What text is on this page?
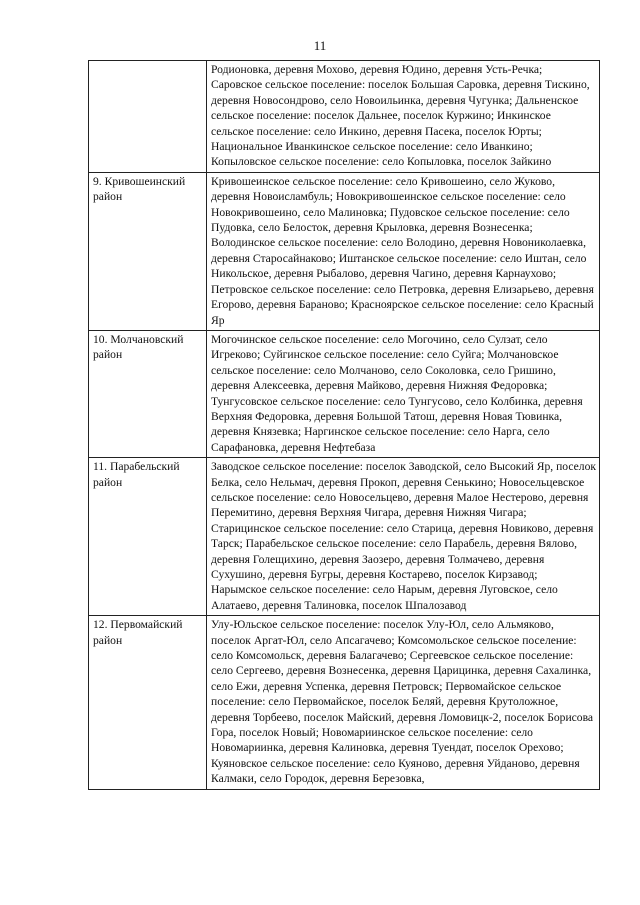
11
	Родионовка, деревня Мохово, деревня Юдино, деревня Усть-Речка; Саровское сельское поселение: поселок Большая Саровка, деревня Тискино, деревня Новосондрово, село Новоильинка, деревня Чугунка; Дальненское сельское поселение: поселок Дальнее, поселок Куржино; Инкинское сельское поселение: село Инкино, деревня Пасека, поселок Юрты; Национальное Иванкинское сельское поселение: село Иванкино; Копыловское сельское поселение: село Копыловка, поселок Зайкино
9. Кривошеинский район	Кривошеинское сельское поселение: село Кривошеино, село Жуково, деревня Новоисламбуль; Новокривошеинское сельское поселение: село Новокривошеино, село Малиновка; Пудовское сельское поселение: село Пудовка, село Белосток, деревня Крыловка, деревня Вознесенка; Володинское сельское поселение: село Володино, деревня Новониколаевка, деревня Старосайнаково; Иштанское сельское поселение: село Иштан, село Никольское, деревня Рыбалово, деревня Чагино, деревня Карнаухово; Петровское сельское поселение: село Петровка, деревня Елизарьево, деревня Егорово, деревня Бараново; Красноярское сельское поселение: село Красный Яр
10. Молчановский район	Могочинское сельское поселение: село Могочино, село Сулзат, село Игреково; Суйгинское сельское поселение: село Суйга; Молчановское сельское поселение: село Молчаново, село Соколовка, село Гришино, деревня Алексеевка, деревня Майково, деревня Нижняя Федоровка; Тунгусовское сельское поселение: село Тунгусово, село Колбинка, деревня Верхняя Федоровка, деревня Большой Татош, деревня Новая Тювинка, деревня Князевка; Наргинское сельское поселение: село Нарга, село Сарафановка, деревня Нефтебаза
11. Парабельский район	Заводское сельское поселение: поселок Заводской, село Высокий Яр, поселок Белка, село Нельмач, деревня Прокоп, деревня Сенькино; Новосельцевское сельское поселение: село Новосельцево, деревня Малое Нестерово, деревня Перемитино, деревня Верхняя Чигара, деревня Нижняя Чигара; Старицинское сельское поселение: село Старица, деревня Новиково, деревня Тарск; Парабельское сельское поселение: село Парабель, деревня Вялово, деревня Голещихино, деревня Заозеро, деревня Толмачево, деревня Сухушино, деревня Бугры, деревня Костарево, поселок Кирзавод; Нарымское сельское поселение: село Нарым, деревня Луговское, село Алатаево, деревня Талиновка, поселок Шпалозавод
12. Первомайский район	Улу-Юльское сельское поселение: поселок Улу-Юл, село Альмяково, поселок Аргат-Юл, село Апсагачево; Комсомольское сельское поселение: село Комсомольск, деревня Балагачево; Сергеевское сельское поселение: село Сергеево, деревня Вознесенка, деревня Царицинка, деревня Сахалинка, село Ежи, деревня Успенка, деревня Петровск; Первомайское сельское поселение: село Первомайское, поселок Беляй, деревня Крутоложное, деревня Торбеево, поселок Майский, деревня Ломовицк-2, поселок Борисова Гора, поселок Новый; Новомариинское сельское поселение: село Новомариинка, деревня Калиновка, деревня Туендат, поселок Орехово; Куяновское сельское поселение: село Куяново, деревня Уйданово, деревня Калмаки, село Городок, деревня Березовка,
